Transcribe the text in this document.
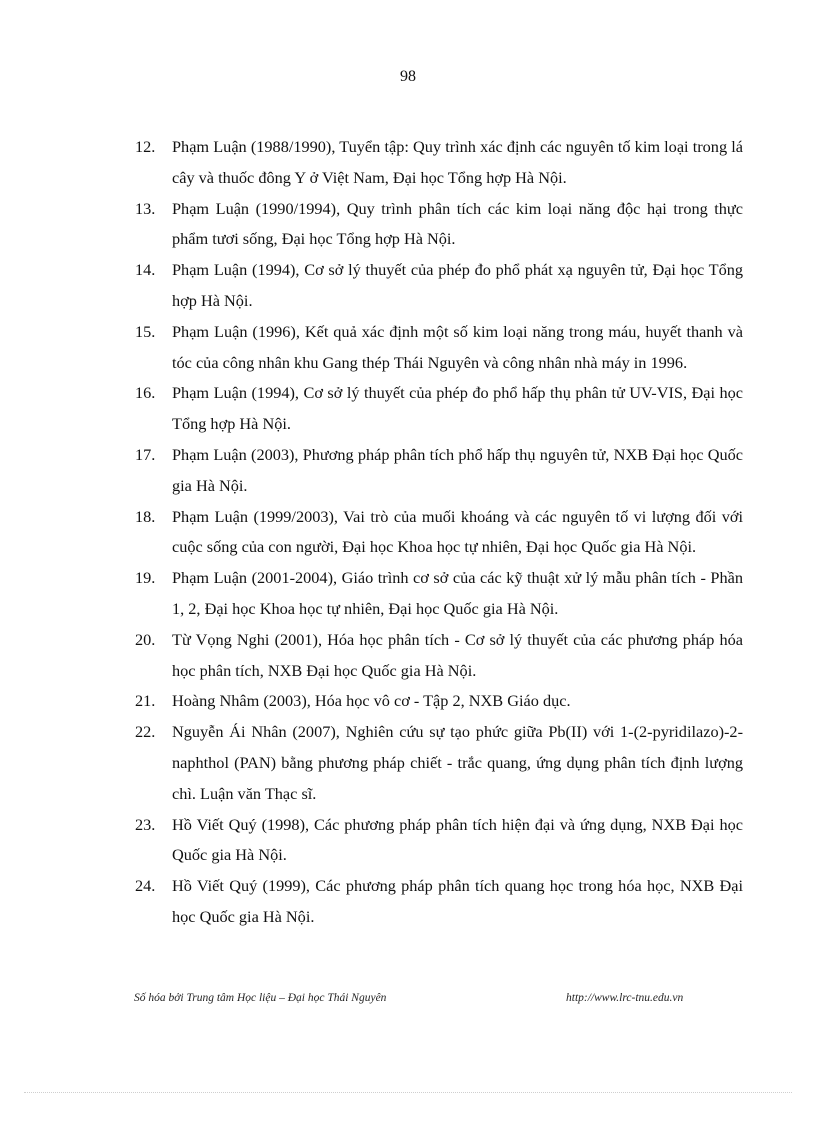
98
12.	Phạm Luận (1988/1990), Tuyển tập: Quy trình xác định các nguyên tố kim loại trong lá cây và thuốc đông Y ở Việt Nam, Đại học Tổng hợp Hà Nội.
13.	Phạm Luận (1990/1994), Quy trình phân tích các kim loại năng độc hại trong thực phẩm tươi sống, Đại học Tổng hợp Hà Nội.
14.	Phạm Luận (1994), Cơ sở lý thuyết của phép đo phổ phát xạ nguyên tử, Đại học Tổng hợp Hà Nội.
15.	Phạm Luận (1996), Kết quả xác định một số kim loại năng trong máu, huyết thanh và tóc của công nhân khu Gang thép Thái Nguyên và công nhân nhà máy in 1996.
16.	Phạm Luận (1994), Cơ sở lý thuyết của phép đo phổ hấp thụ phân tử UV-VIS, Đại học Tổng hợp Hà Nội.
17.	Phạm Luận (2003), Phương pháp phân tích phổ hấp thụ nguyên tử, NXB Đại học Quốc gia Hà Nội.
18.	Phạm Luận (1999/2003), Vai trò của muối khoáng và các nguyên tố vi lượng đối với cuộc sống của con người, Đại học Khoa học tự nhiên, Đại học Quốc gia Hà Nội.
19.	Phạm Luận (2001-2004), Giáo trình cơ sở của các kỹ thuật xử lý mẫu phân tích - Phần 1, 2, Đại học Khoa học tự nhiên, Đại học Quốc gia Hà Nội.
20.	Từ Vọng Nghi (2001), Hóa học phân tích - Cơ sở lý thuyết của các phương pháp hóa học phân tích, NXB Đại học Quốc gia Hà Nội.
21.	Hoàng Nhâm (2003), Hóa học vô cơ - Tập 2, NXB Giáo dục.
22.	Nguyễn Ái Nhân (2007), Nghiên cứu sự tạo phức giữa Pb(II) với 1-(2-pyridilazo)-2-naphthol (PAN) bằng phương pháp chiết - trắc quang, ứng dụng phân tích định lượng chì. Luận văn Thạc sĩ.
23.	Hồ Viết Quý (1998), Các phương pháp phân tích hiện đại và ứng dụng, NXB Đại học Quốc gia Hà Nội.
24.	Hồ Viết Quý (1999), Các phương pháp phân tích quang học trong hóa học, NXB Đại học Quốc gia Hà Nội.
Số hóa bởi Trung tâm Học liệu – Đại học Thái Nguyên	http://www.lrc-tnu.edu.vn
